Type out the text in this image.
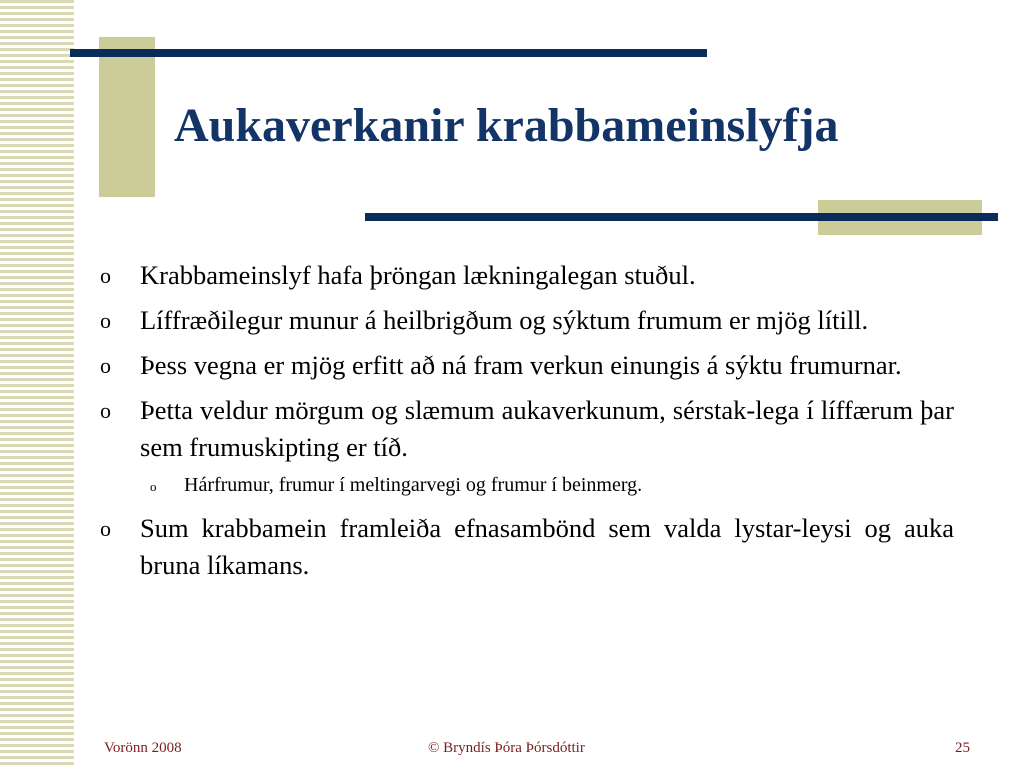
Aukaverkanir krabbameinslyfja
o	Krabbameinslyf hafa þröngan lækningalegan stuðul.
o	Líffræðilegur munur á heilbrigðum og sýktum frumum er mjög lítill.
o	Þess vegna er mjög erfitt að ná fram verkun einungis á sýktu frumurnar.
o	Þetta veldur mörgum og slæmum aukaverkunum, sérstak-lega í líffærum þar sem frumuskipting er tíð.
o	Hárfrumur, frumur í meltingarvegi og frumur í beinmerg.
o	Sum krabbamein framleiða efnasambönd sem valda lystar-leysi og auka bruna líkamans.
Vorönn 2008	© Bryndís Þóra Þórsdóttir	25
